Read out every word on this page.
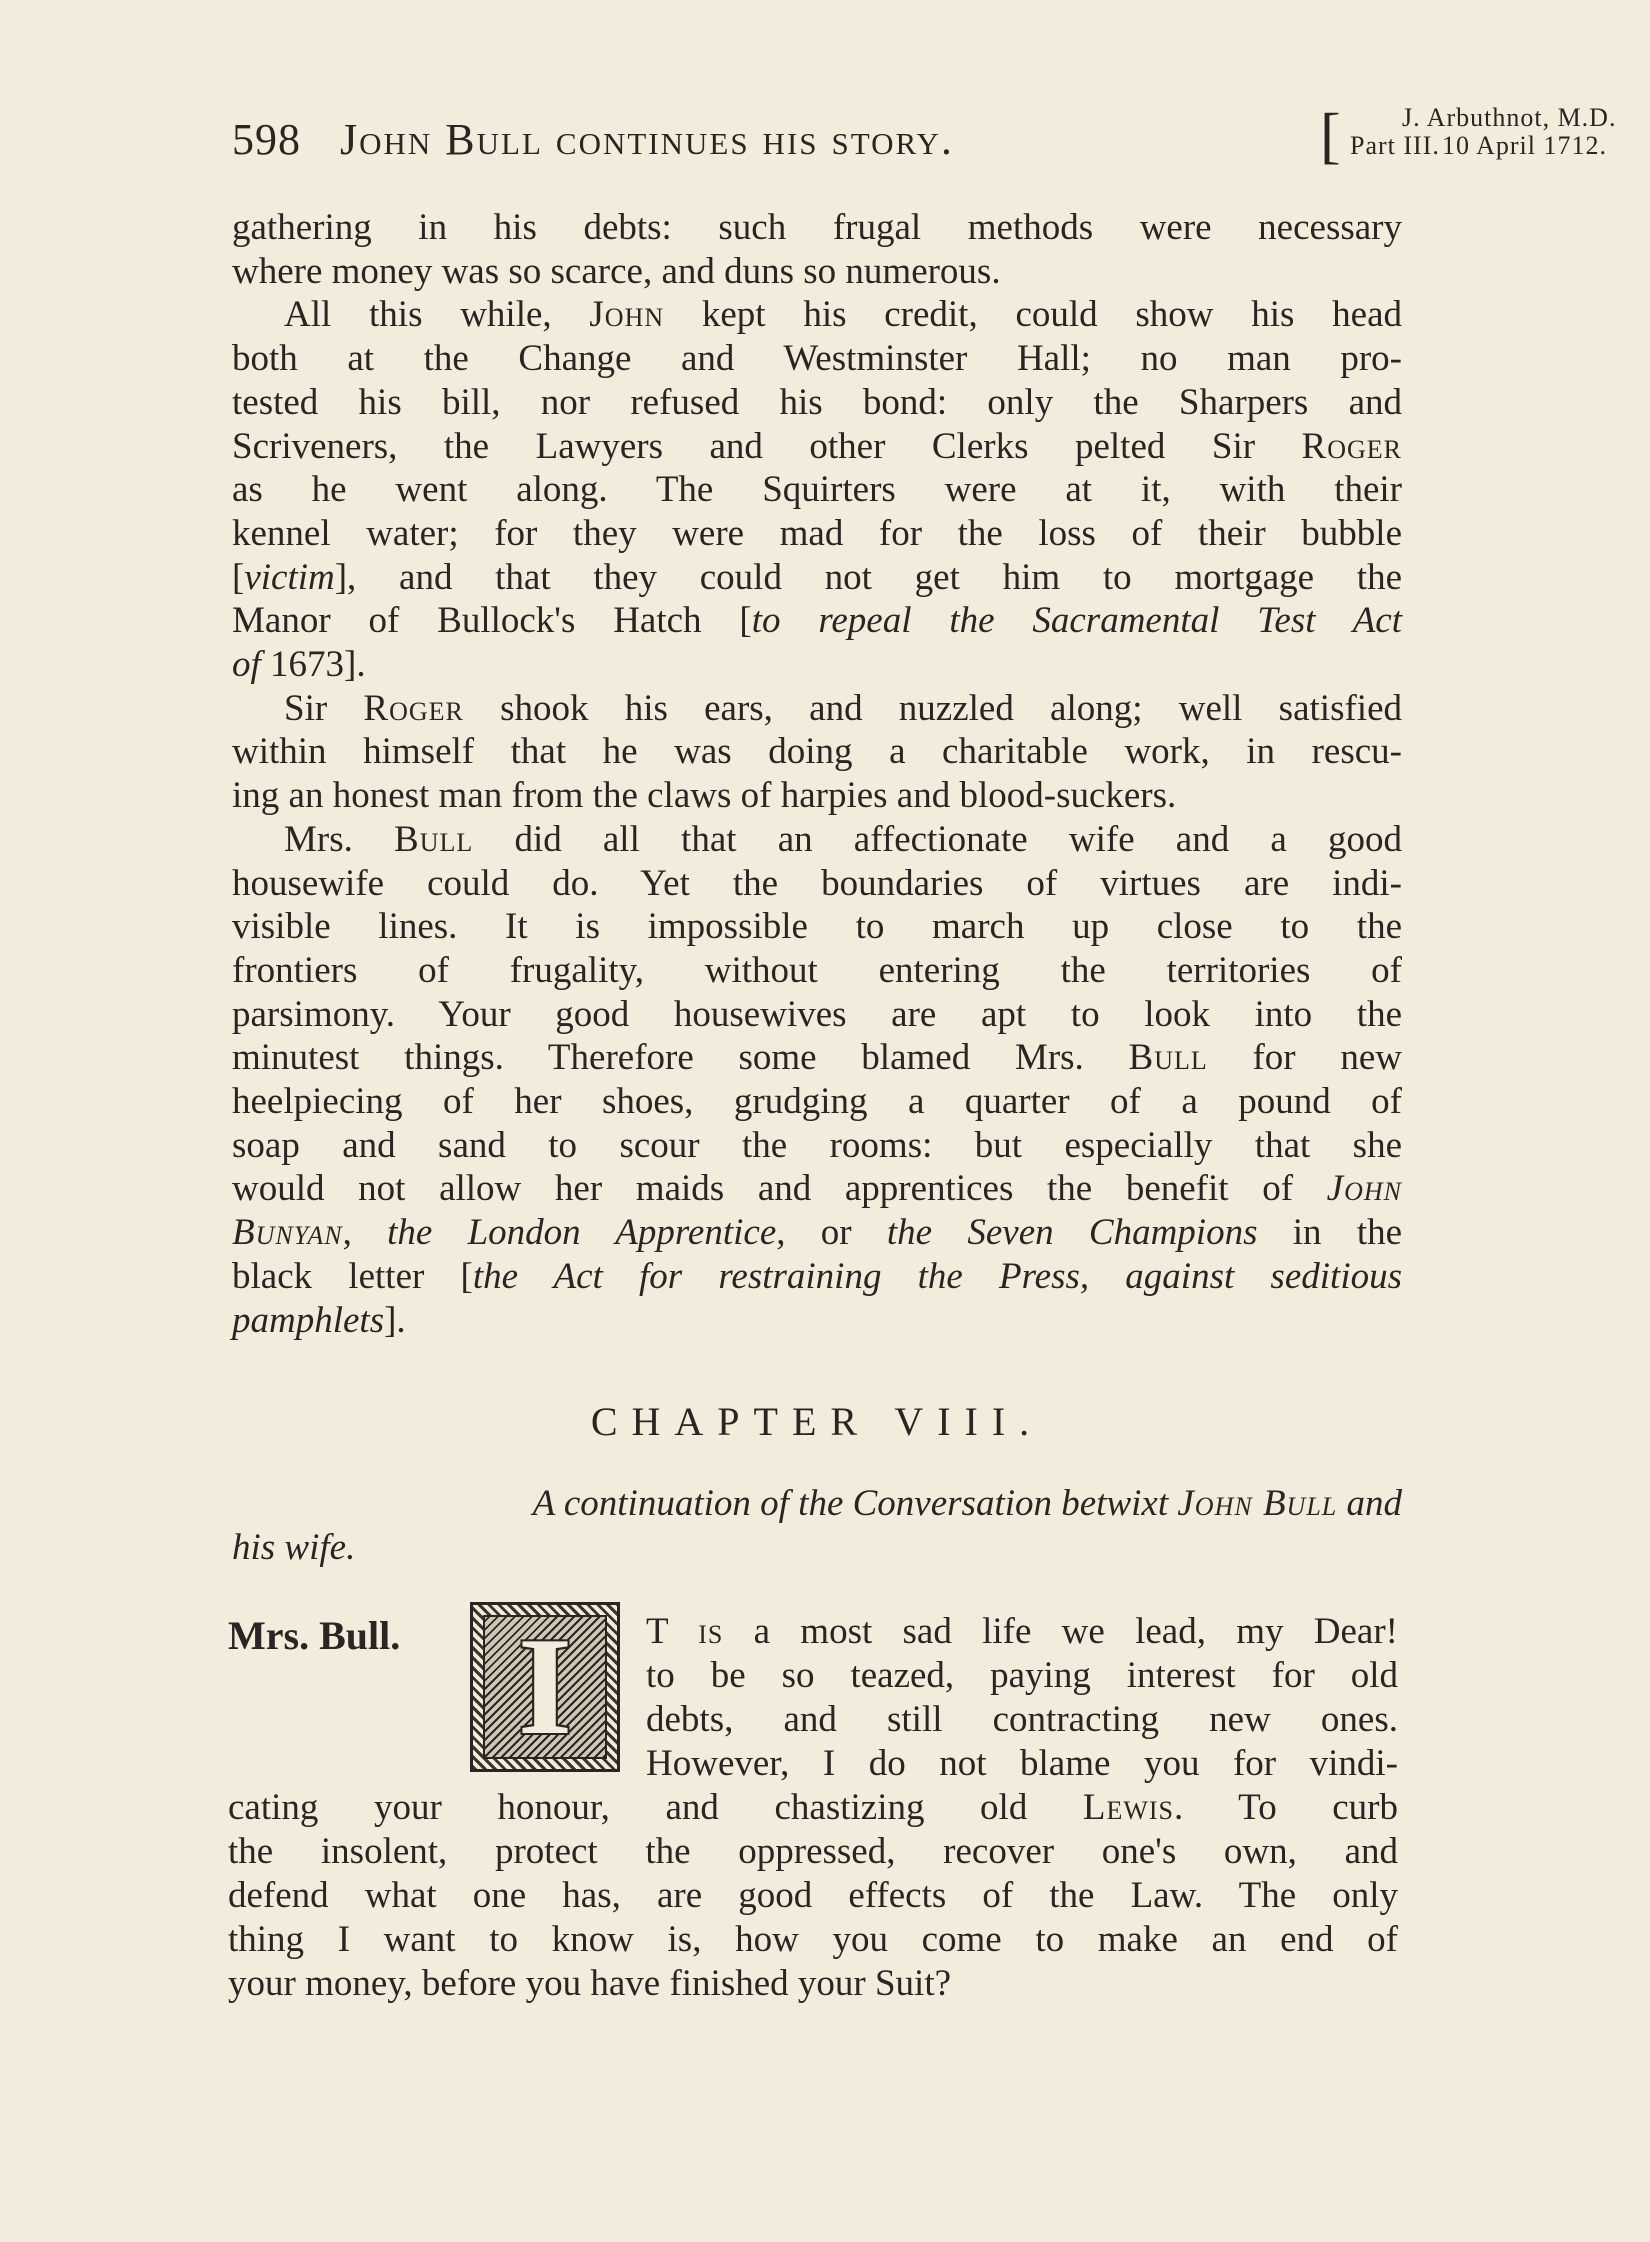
598 John Bull continues his story.	[ J. Arbuthnot, M.D.
Part III. 10 April 1712.

gathering in his debts: such frugal methods were necessary

where money was so scarce, and duns so numerous.

All this while, John kept his credit, could show his head

both at the Change and Westminster Hall; no man pro-

tested his bill, nor refused his bond: only the Sharpers and

Scriveners, the Lawyers and other Clerks pelted Sir Roger

as he went along. The Squirters were at it, with their

kennel water; for they were mad for the loss of their bubble

[victim], and that they could not get him to mortgage the

Manor of Bullock's Hatch [to repeal the Sacramental Test Act

of 1673].

Sir Roger shook his ears, and nuzzled along; well satisfied

within himself that he was doing a charitable work, in rescu-

ing an honest man from the claws of harpies and blood-suckers.

Mrs. Bull did all that an affectionate wife and a good

housewife could do. Yet the boundaries of virtues are indi-

visible lines. It is impossible to march up close to the

frontiers of frugality, without entering the territories of

parsimony. Your good housewives are apt to look into the

minutest things. Therefore some blamed Mrs. Bull for new

heelpiecing of her shoes, grudging a quarter of a pound of

soap and sand to scour the rooms: but especially that she

would not allow her maids and apprentices the benefit of John

Bunyan, the London Apprentice, or the Seven Champions in the

black letter [the Act for restraining the Press, against seditious

pamphlets].

CHAPTER VIII.
A continuation of the Conversation betwixt John Bull and
his wife.
Mrs. Bull. I T is a most sad life we lead, my Dear!

to be so teazed, paying interest for old

debts, and still contracting new ones.

However, I do not blame you for vindi-

cating your honour, and chastizing old Lewis. To curb

the insolent, protect the oppressed, recover one's own, and

defend what one has, are good effects of the Law. The only

thing I want to know is, how you come to make an end of

your money, before you have finished your Suit?
